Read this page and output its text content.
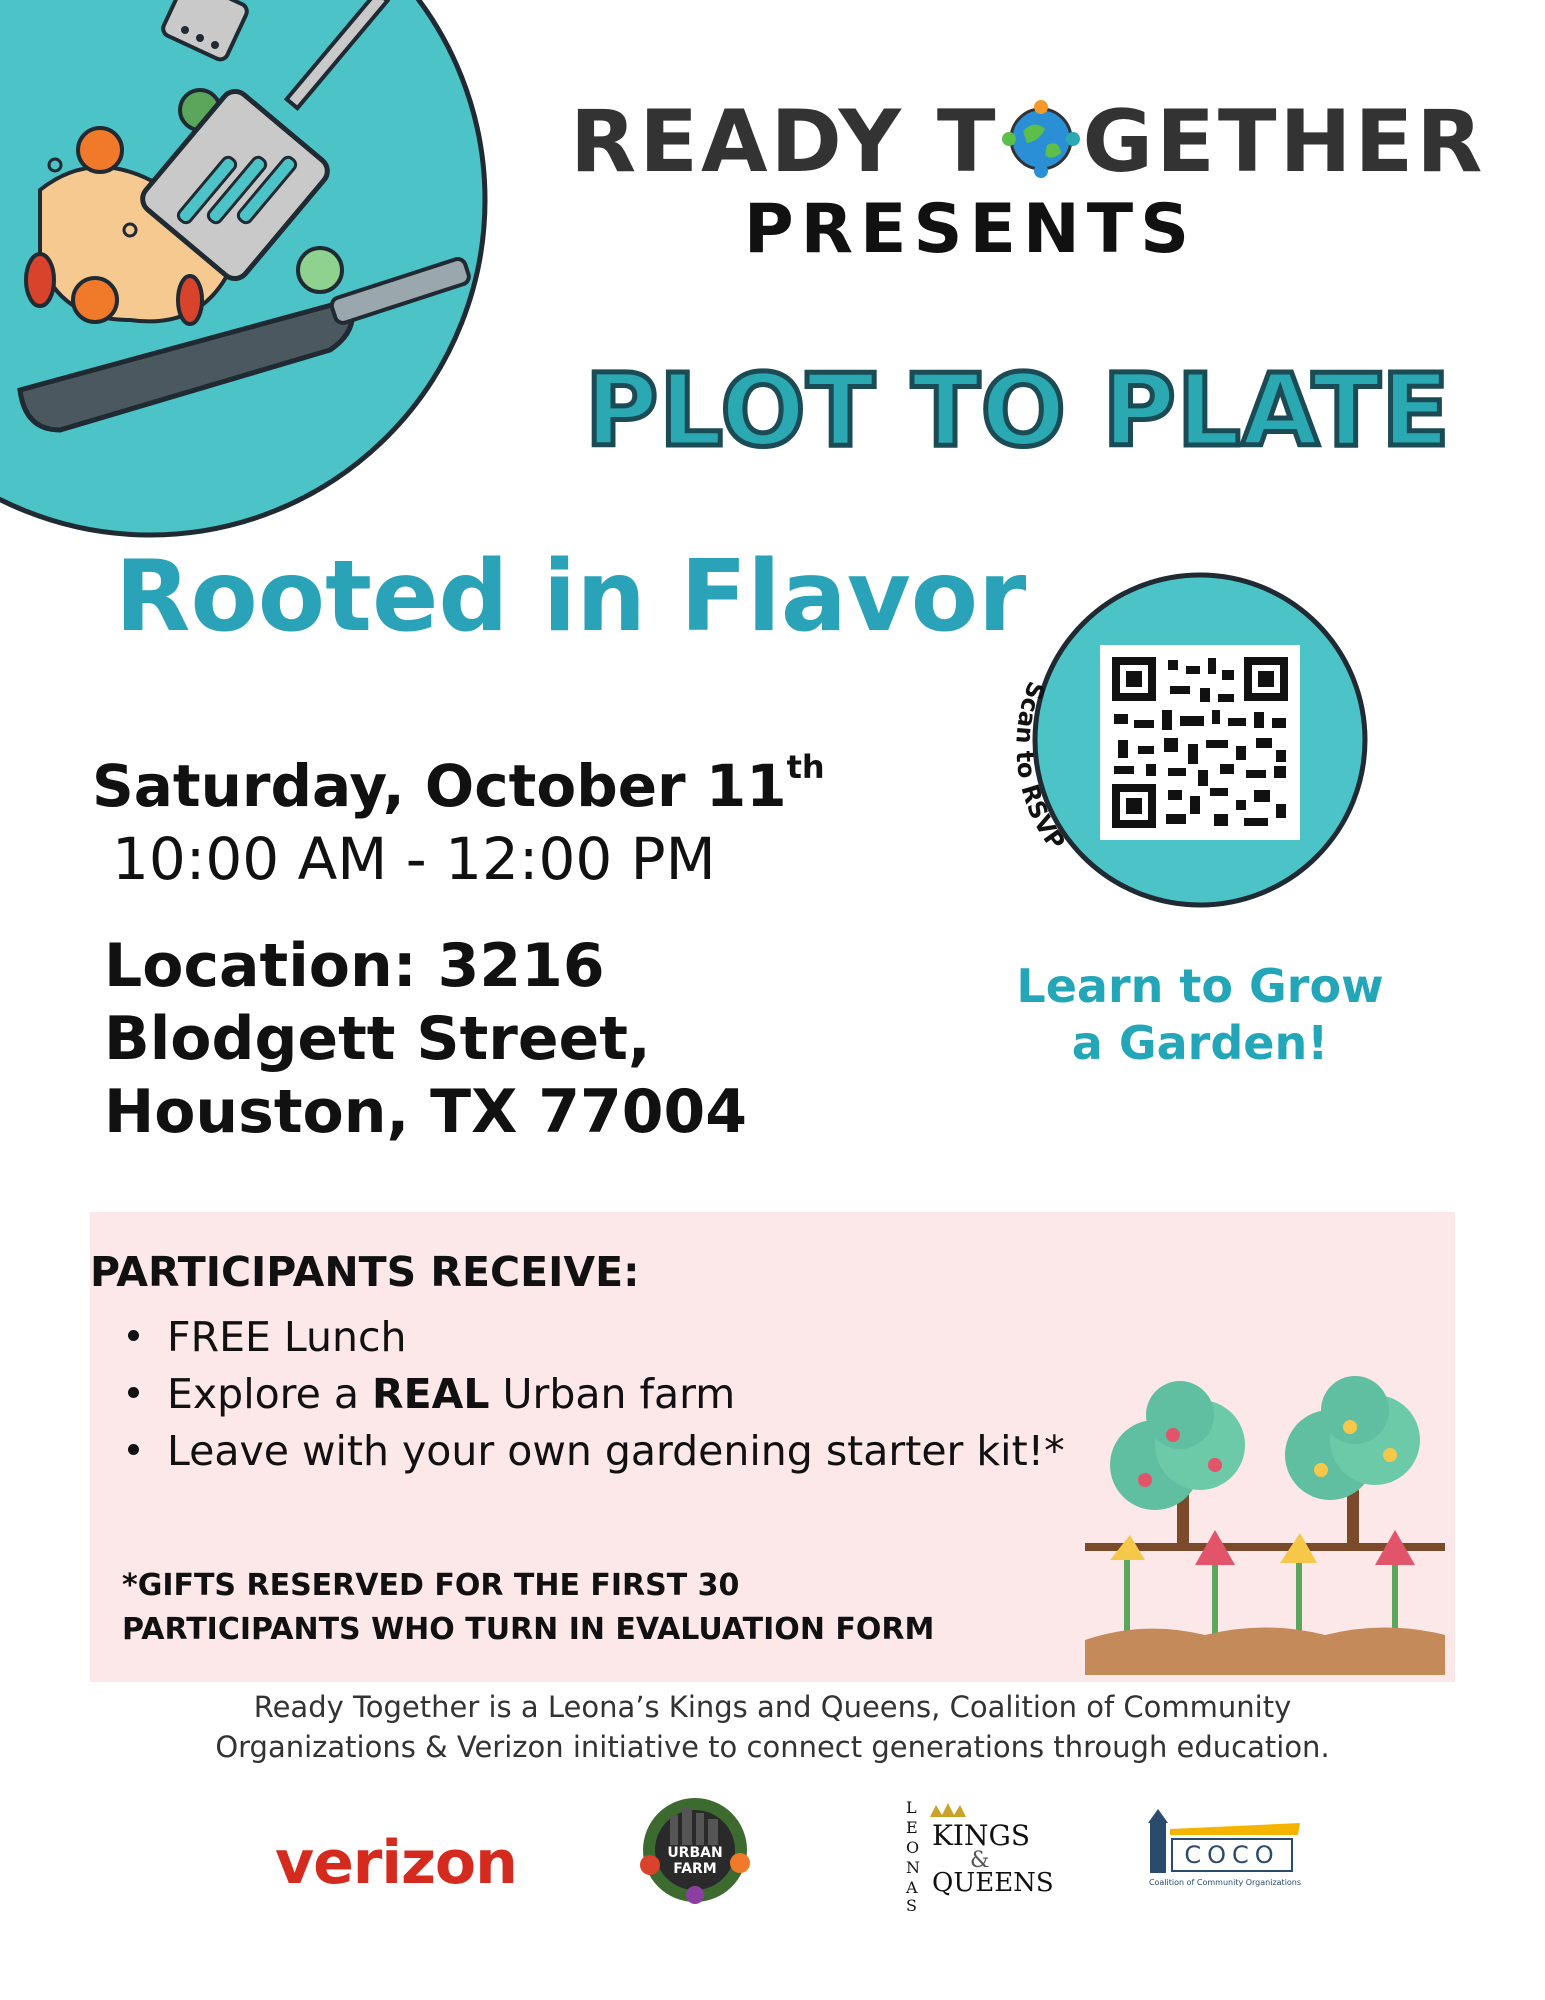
READY T GETHER
PRESENTS
PLOT TO PLATE
Rooted in Flavor
Saturday, October 11th
10:00 AM - 12:00 PM
Location: 3216
Blodgett Street,
Houston, TX 77004
Scan to RSVP
Learn to Grow
a Garden!
PARTICIPANTS RECEIVE:
FREE Lunch
Explore a REAL Urban farm
Leave with your own gardening starter kit!*
*GIFTS RESERVED FOR THE FIRST 30
PARTICIPANTS WHO TURN IN EVALUATION FORM
Ready Together is a Leona’s Kings and Queens, Coalition of Community
Organizations & Verizon initiative to connect generations through education.
verizon	URBAN
FARM
L
E
O
N
A
S
KINGS
&
QUEENS
COCO
Coalition of Community Organizations
